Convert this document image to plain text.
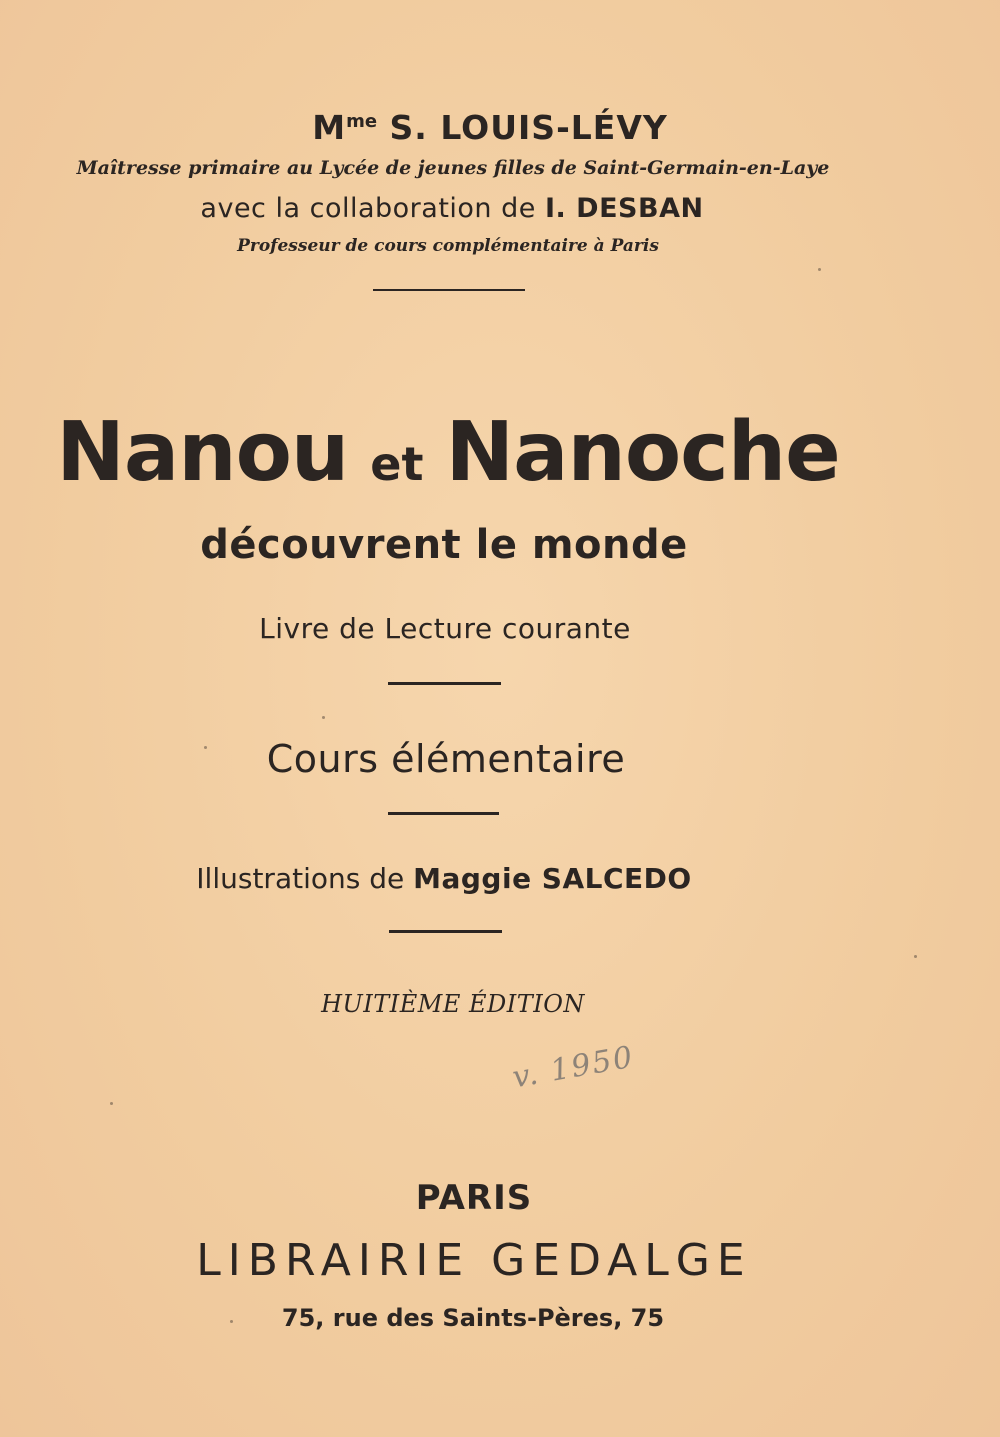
$M^{me}$ S. LOUIS-LÉVY
Maîtresse primaire au Lycée de jeunes filles de Saint-Germain-en-Laye
avec la collaboration de I. DESBAN
Professeur de cours complémentaire à Paris
Nanou et Nanoche
découvrent le monde
Livre de Lecture courante
Cours élémentaire
Illustrations de Maggie SALCEDO
HUITIÈME ÉDITION
v. 1950
PARIS
LIBRAIRIE GEDALGE
75, rue des Saints-Pères, 75
